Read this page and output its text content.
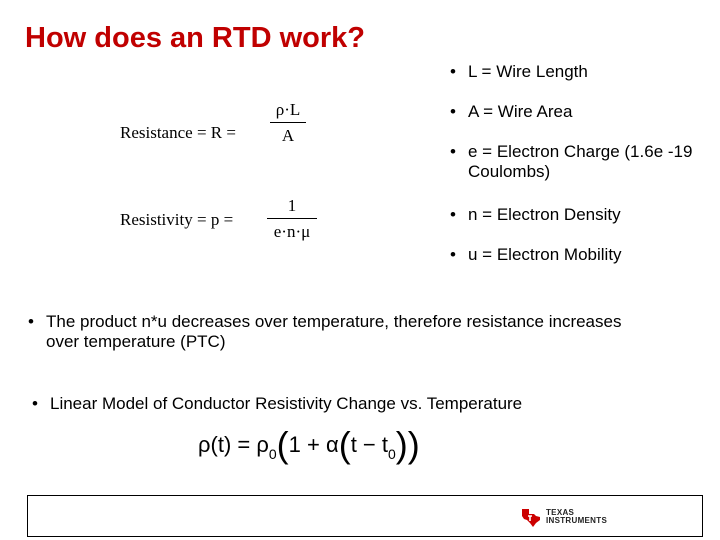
How does an RTD work?
Resistance = R =
ρ·L
A
Resistivity = p =
1
e·n·μ
• L = Wire Length
• A = Wire Area
• e = Electron Charge (1.6e -19 Coulombs)
• n = Electron Density
• u = Electron Mobility
• The product n*u decreases over temperature, therefore resistance increases over temperature (PTC)
• Linear Model of Conductor Resistivity Change vs. Temperature
$\rho(t) = \rho_0(1 + \alpha(t - t_0))$
TEXAS
INSTRUMENTS
